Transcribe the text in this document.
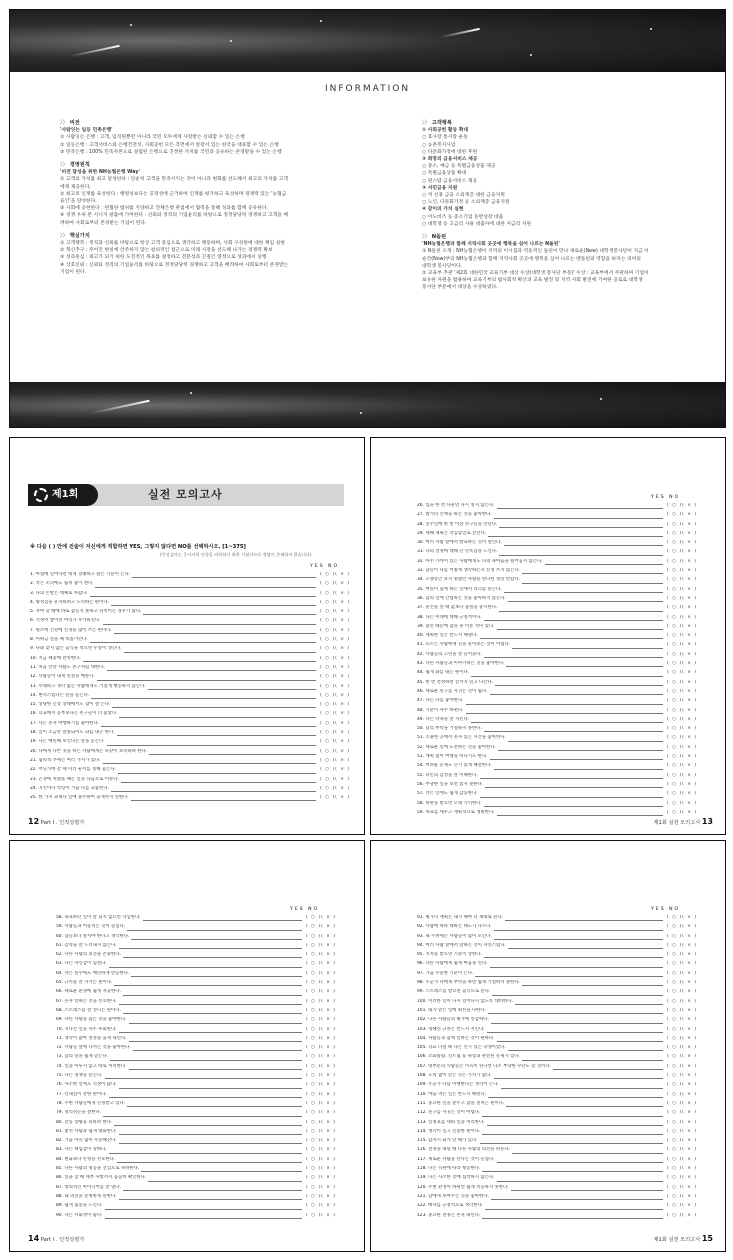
INFORMATION
〉〉 비전
'사람잇는 일등 민족은행'
① 사람잇는 은행 : 고객, 임직원뿐만 아니라 국민 모두에게 사랑받는 신뢰할 수 있는 은행
② 일등은행 : 고객서비스와 은행건전성, 사회공헌 모든 측면에서 앞장서 있는 한국을 대표할 수 있는 은행
③ 민족은행 : 100% 민족자본으로 설립된 은행으로 진정한 가치를 국민과 공유하는 존경받을 수 있는 은행
〉〉 경영원칙
'비전 달성을 위한 NH농협은행 Way'
① 고객의 가치를 최고 달성한다 : 단순히 고객을 만족시키는 것이 아니라 변화를 선도해서 최고의 가치를 고객
에게 제공한다.
② 최고의 인재를 육성한다 : 행원성보다는 공정성에 근거하여 인재를 평가하고 육성하며 경쟁력 있는 '농협금
융인'을 양성한다.
③ 사회에 공헌한다 : 편협한 범위를 지양하고 전체은행 관점에서 협력을 통해 성과를 함께 공유한다.
④ 경쟁 우위 본 시너지 창출에 기여한다 : 신뢰와 정직의 기업윤리를 바탕으로 정정당당히 경쟁하고 고객을 배
려하여 사회로부터 존경받는 기업이 된다.
〉〉 핵심가치
① 고객행복 : 정직과 신뢰를 바탕으로 항상 고객 중심으로 생각하고 행동하며, 사회 구성원에 대한 책임 실현
② 혁신추구 : 주어진 현실에 안주하지 않는 창의적인 접근으로 미래 시장을 선도해 나가는 경쟁력 확보
③ 성과중심 : 최고가 되기 위한 도전적인 목표를 설정하고 전문성과 끈질긴 열정으로 성과에서 실행
④ 상호신뢰 : 신뢰와 정직의 기업윤리를 바탕으로 정정당당히 경쟁하고 고객을 배려하여 사회로부터 존경받는
기업이 된다.
〉〉 고객행복
① 사회공헌 활동 확대
○ 효사랑 통사랑 운동
○ 농촌복지사업
○ 다문화가정에 대한 후원
② 희망의 금융서비스 제공
○ 중소, 예금 등 특별금융상품 제공
○ 특별금융상품 확대
○ 원스탑 금융서비스 제공
③ 서민금융 지원
○ 저 신용 금융 소외계층 대한 금융지원
○ 노인, 다문화가정 등 소외계층 금융지원
④ 같이의 가치 실현
○ 이노비즈 등 중소기업 동반성장 대출
○ 대학생 등 고금리 사용 대출자에 대한 저금리 지원
〉〉 N돌핀
'NH농협은행과 함께 지역사회 곳곳에 행복을 심어 나르는 N돌핀'
① N돌핀 소개 : NH농협은행이 지역의 이시점과 역동적인 돌핀이 만나 새로운(New) 대학생봉사단이 지금 이
순간(Now)부터 NH농협은행과 함께 지역사회 곳곳에 행복을 심어 나르는 멘돌핀의 역할을 하자는 의미의
대학생 봉사단이다.
② 교육부 추관 '제2회 대한민국 교육기부 대상 수상(대학생 봉사단 부문)' 수상 : 교육부에서 주관하여 기업이
보유한 자원을 활용하여 교육기부의 범사회적 확산과 교육 발전 및 지역 사회 발전에 기여한 공로로 대학생
봉사단 부문에서 대상을 수상하였다.
제1회	실전 모의고사
※ 다음 ( ) 안에 진술이 자신에게 적합하면 YES, 그렇지 않다면 NO를 선택하시오. [1~375]
(인성검사는 응시자의 인성을 파악하기 위한 시험이므로 정답이 존재하지 않습니다)
YES NO
1. 아침에 일어나면 대개 상쾌하고 맑은 기분이 든다.	( ○ )( × )
2. 작은 소리에도 쉽게 잠이 깬다.	( ○ )( × )
3. 나의 손발은 대체로 차갑다.	( ○ )( × )
4. 평정심을 유지하려고 노력하는 편이다.	( ○ )( × )
5. 자야 할 때에 바로 잠들지 못하고 뒤척이는 경우가 많다.	( ○ )( × )
6. 걱정이 쌓이면 머리가 무거워진다.	( ○ )( × )
7. 평소에 건강에 신경을 많이 쓰는 편이다.	( ○ )( × )
8. 이따금 걸을 때 비틀거린다.	( ○ )( × )
9. 나와 맞지 않는 음식을 먹으면 두통이 생긴다.	( ○ )( × )
10. 지금 체중에 만족한다.	( ○ )( × )
11. 처음 만난 사람도 친구처럼 대한다.	( ○ )( × )
12. 사람들이 내게 친절을 베푼다.	( ○ )( × )
13. 무례하고 생각 없는 사람에게도 거칠게 행동하지 않는다.	( ○ )( × )
14. 변덕스럽다는 말을 듣는다.	( ○ )( × )
15. 상당한 긴장 상태에서도 잠이 잘 든다.	( ○ )( × )
16. 학교에서 공부보다는 친구들이 더 좋았다.	( ○ )( × )
17. 나는 혼자 여행하기를 좋아한다.	( ○ )( × )
18. 일이 조금만 잘못되어도 화를 내곤 한다.	( ○ )( × )
19. 나는 예민해 보인다는 말을 듣는다.	( ○ )( × )
20. 나에게 나쁜 짓을 하는 사람에게는 똑같이 보복하려 한다.	( ○ )( × )
21. 협력적 추세는 여러 가지가 있다.	( ○ )( × )
22. 어딘가에 갈 때 미리 순서를 정해 놓는다.	( ○ )( × )
23. 곤경에 처했을 때는 일을 다음으로 미룬다.	( ○ )( × )
24. 귀신이나 악령이 가끔 나를 괴롭힌다.	( ○ )( × )
25. 한 가지 과제나 일에 몰두하여 늦게까지 일한다.	( ○ )( × )
12 Part I . 인적성평가
YES NO
26. 입을 한 번 다물면 다시 열지 않는다.	( ○ )( × )
27. 밤거리 산책을 하는 것을 좋아한다.	( ○ )( × )
28. 일주일에 한 번 이상 친구들을 만난다.	( ○ )( × )
29. 새해 계획은 작심삼일로 끝난다.	( ○ )( × )
30. 여러 사람 앞에서 발표하는 것이 떨린다.	( ○ )( × )
31. 나의 결정에 대해 큰 만족감을 느낀다.	( ○ )( × )
32. 아주 가까이 있는 사람에게도 나의 속마음을 털어놓지 않는다.	( ○ )( × )
33. 남들이 나를 어떻게 생각하는지 신경 쓰지 않는다.	( ○ )( × )
34. 오랫동안 보지 못했던 사람을 만나면 정말 반갑다.	( ○ )( × )
35. 여럿이 함께 하는 일에서 리더를 맡는다.	( ○ )( × )
36. 남의 일에 간섭하는 것을 좋아하지 않는다.	( ○ )( × )
37. 물건을 살 때 값보다 품질을 중시한다.	( ○ )( × )
38. 나는 미래에 대해 긍정적이다.	( ○ )( × )
39. 불안 때문에 잠을 못 이룬 적이 있다.	( ○ )( × )
40. 계획한 일은 반드시 해낸다.	( ○ )( × )
41. 모르는 사람에게 길을 물어보는 것이 어렵다.	( ○ )( × )
42. 사람들의 고민을 잘 들어준다.	( ○ )( × )
43. 다른 사람들과 이야기하는 것을 좋아한다.	( ○ )( × )
44. 쉽게 화를 내는 편이다.	( ○ )( × )
45. 한 번 결정하면 끝까지 밀고 나간다.	( ○ )( × )
46. 새로운 친구를 사귀는 것이 쉽다.	( ○ )( × )
47. 나는 나를 좋아한다.	( ○ )( × )
48. 기분이 자주 바뀐다.	( ○ )( × )
49. 나는 약속을 잘 지킨다.	( ○ )( × )
50. 남의 부탁을 거절하지 못한다.	( ○ )( × )
51. 조용한 곳에서 혼자 있는 시간을 좋아한다.	( ○ )( × )
52. 새로운 일에 도전하는 것을 좋아한다.	( ○ )( × )
53. 계획 없이 여행을 떠나기도 한다.	( ○ )( × )
54. 어려운 문제도 끈기 있게 해결한다.	( ○ )( × )
55. 타인의 감정을 잘 이해한다.	( ○ )( × )
56. 부당한 일을 보면 참지 못한다.	( ○ )( × )
57. 작은 일에도 쉽게 감동한다.	( ○ )( × )
58. 비판을 받으면 오래 기억한다.	( ○ )( × )
59. 목표를 세우고 계획적으로 생활한다.	( ○ )( × )
제1회 실전 모의고사 13
YES NO
58. 목표하던 일이 잘 되지 않으면 낙심한다.	( ○ )( × )
59. 사람들과 어울리는 것이 즐겁다.	( ○ )( × )
60. 남들보다 앞서야 한다고 생각한다.	( ○ )( × )
61. 감정을 잘 드러내지 않는다.	( ○ )( × )
62. 다른 사람의 의견을 존중한다.	( ○ )( × )
63. 나는 자신감이 넘친다.	( ○ )( × )
64. 작은 실수에도 예민하게 반응한다.	( ○ )( × )
65. 규칙을 잘 지키는 편이다.	( ○ )( × )
66. 새로운 환경에 쉽게 적응한다.	( ○ )( × )
67. 혼자 일하는 것을 선호한다.	( ○ )( × )
68. 스트레스를 잘 견디는 편이다.	( ○ )( × )
69. 다른 사람을 돕는 것을 좋아한다.	( ○ )( × )
70. 지나간 일을 자주 후회한다.	( ○ )( × )
71. 생각이 많아 결정을 늦게 내린다.	( ○ )( × )
72. 사람들 앞에 나서는 것을 좋아한다.	( ○ )( × )
73. 남의 말을 쉽게 믿는다.	( ○ )( × )
74. 일을 미루지 않고 바로 처리한다.	( ○ )( × )
75. 나는 경쟁을 즐긴다.	( ○ )( × )
76. 사소한 일에도 걱정이 많다.	( ○ )( × )
77. 인내심이 강한 편이다.	( ○ )( × )
78. 주변 사람들에게 인정받고 있다.	( ○ )( × )
79. 정리정돈을 잘한다.	( ○ )( × )
80. 갈등 상황을 피하려 한다.	( ○ )( × )
81. 낯선 사람과 쉽게 대화한다.	( ○ )( × )
82. 가끔 이유 없이 우울해진다.	( ○ )( × )
83. 나는 책임감이 강하다.	( ○ )( × )
84. 변화보다 안정을 선호한다.	( ○ )( × )
85. 다른 사람의 성공을 진심으로 축하한다.	( ○ )( × )
86. 일을 할 때 세부 사항까지 꼼꼼히 확인한다.	( ○ )( × )
87. 창의적인 아이디어를 잘 낸다.	( ○ )( × )
88. 내 의견을 분명하게 말한다.	( ○ )( × )
89. 쉽게 싫증을 느낀다.	( ○ )( × )
90. 나는 사회성이 좋다.	( ○ )( × )
14 Part I . 인적성평가
YES NO
91. 평가나 계획은 내가 해야 더 제대로 된다.	( ○ )( × )
92. 사람에 따라 대하는 태도가 다르다.	( ○ )( × )
93. 내 주위에는 사람들이 많이 모인다.	( ○ )( × )
94. 여러 사람 앞에서 말하는 것이 자연스럽다.	( ○ )( × )
95. 지적을 받으면 기분이 상한다.	( ○ )( × )
96. 다른 사람에게 쉽게 마음을 연다.	( ○ )( × )
97. 가끔 우울한 기분이 든다.	( ○ )( × )
98. 누군가 나에게 부탁을 하면 쉽게 거절하지 못한다.	( ○ )( × )
99. 스트레스를 받으면 음식으로 푼다.	( ○ )( × )
100. 이러한 일이 다시 일어나지 않도록 대비한다.	( ○ )( × )
101. 내가 맡은 일에 최선을 다한다.	( ○ )( × )
102. 다른 사람들의 평가에 민감하다.	( ○ )( × )
103. 정해진 규칙은 반드시 지킨다.	( ○ )( × )
104. 사람들과 함께 일하는 것이 편하다.	( ○ )( × )
105. 학교 다닐 때 나는 인기 있는 학생이었다.	( ○ )( × )
106. 소화불량, 신트림 등 위장과 관련된 문제가 있다.	( ○ )( × )
107. 대부분의 사람들은 이득이 된다면 다소 부당한 수단도 쓸 것이다.	( ○ )( × )
108. 노력 없이 얻은 것은 가치가 없다.	( ○ )( × )
109. 누군가 나를 미행한다는 생각이 든다.	( ○ )( × )
110. 마음 먹은 일은 반드시 해낸다.	( ○ )( × )
111. 중요한 일을 앞두고 잠을 설치는 편이다.	( ○ )( × )
112. 친구를 사귀는 것이 어렵다.	( ○ )( × )
113. 일정표를 세워 일을 처리한다.	( ○ )( × )
114. 생각이 깊고 신중한 편이다.	( ○ )( × )
115. 갑자기 화가 날 때가 있다.	( ○ )( × )
116. 결정을 내릴 때 다른 사람의 의견을 따른다.	( ○ )( × )
117. 새로운 사람을 만나는 것이 즐겁다.	( ○ )( × )
118. 나는 직관에 따라 행동한다.	( ○ )( × )
119. 나는 사소한 것에 집착하지 않는다.	( ○ )( × )
120. 주변 환경이 바뀌면 쉽게 적응하지 못한다.	( ○ )( × )
121. 남에게 보여주는 것을 좋아한다.	( ○ )( × )
122. 매사를 긍정적으로 생각한다.	( ○ )( × )
123. 중요한 결정은 혼자 내린다.	( ○ )( × )
제1회 실전 모의고사 15
